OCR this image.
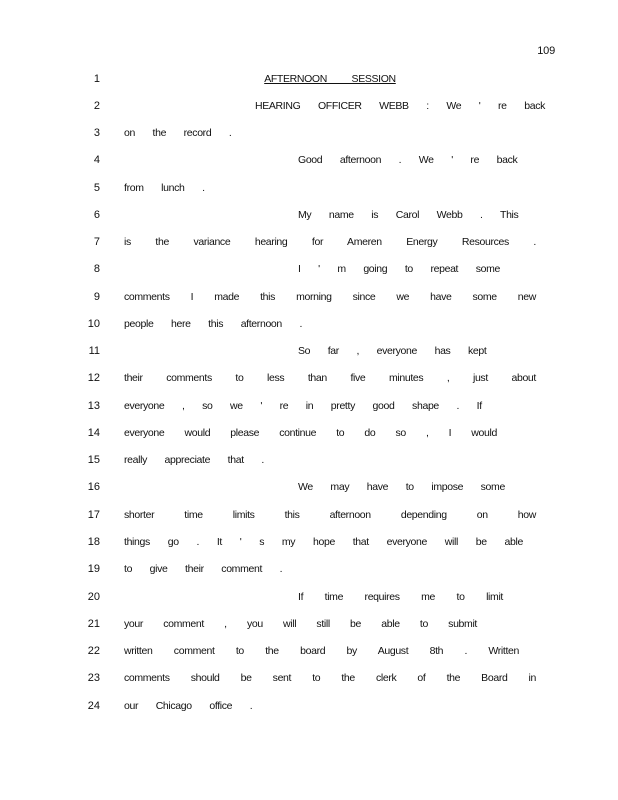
109
1	AFTERNOON SESSION
2	HEARING OFFICER WEBB : We ' re back
3 on the record .
4	Good afternoon . We ' re back
5 from lunch .
6	My name is Carol Webb . This
7 is the variance hearing for Ameren Energy Resources .
8	I ' m going to repeat some
9 comments I made this morning since we have some new
10 people here this afternoon .
11	So far , everyone has kept
12 their comments to less than five minutes , just about
13 everyone , so we ' re in pretty good shape . If
14 everyone would please continue to do so , I would
15 really appreciate that .
16	We may have to impose some
17 shorter time limits this afternoon depending on how
18 things go . It ' s my hope that everyone will be able
19 to give their comment .
20	If time requires me to limit
21 your comment , you will still be able to submit
22 written comment to the board by August 8th . Written
23 comments should be sent to the clerk of the Board in
24 our Chicago office .
